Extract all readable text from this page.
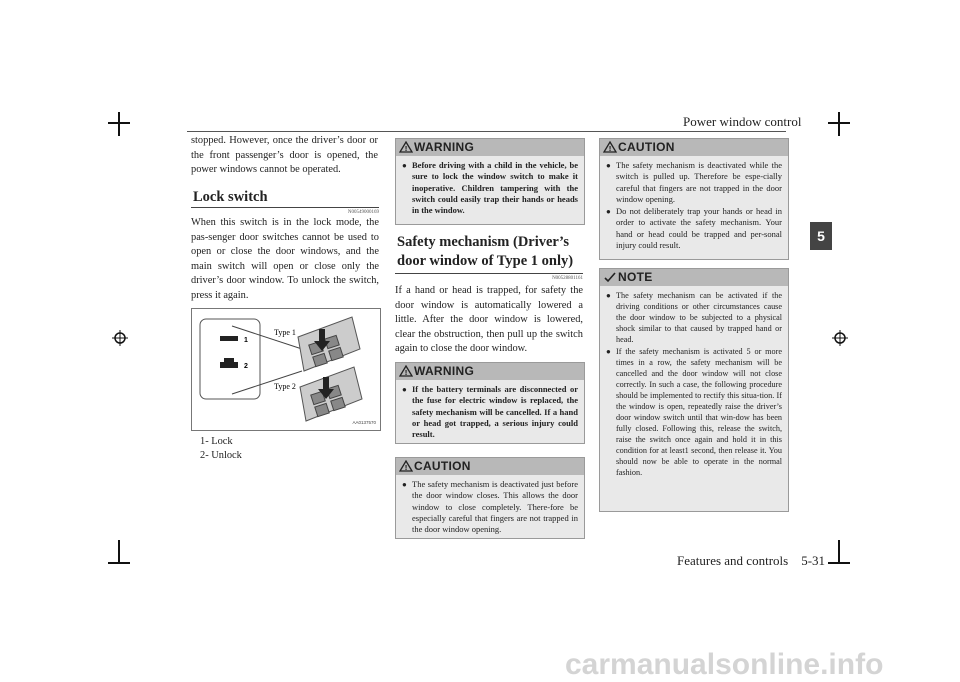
Power window control
Features and controls 5-31
5
stopped. However, once the driver’s door or the front passenger’s door is opened, the power windows cannot be operated.
Lock switch
N00549000169
When this switch is in the lock mode, the pas-senger door switches cannot be used to open or close the door windows, and the main switch will open or close only the driver’s door window. To unlock the switch, press it again.
1
2
Type 1
Type 2
AA0137570
1- Lock
2- Unlock
! WARNING
● Before driving with a child in the vehicle, be sure to lock the window switch to make it inoperative. Children tampering with the switch could easily trap their hands or heads in the window.
Safety mechanism (Driver’s door window of Type 1 only)
N00528801161
If a hand or head is trapped, for safety the door window is automatically lowered a little. After the door window is lowered, clear the obstruction, then pull up the switch again to close the door window.
! WARNING
● If the battery terminals are disconnected or the fuse for electric window is replaced, the safety mechanism will be cancelled. If a hand or head got trapped, a serious injury could result.
! CAUTION
● The safety mechanism is deactivated just before the door window closes. This allows the door window to close completely. There-fore be especially careful that fingers are not trapped in the door window opening.
! CAUTION
● The safety mechanism is deactivated while the switch is pulled up. Therefore be espe-cially careful that fingers are not trapped in the door window opening.
● Do not deliberately trap your hands or head in order to activate the safety mechanism. Your hand or head could be trapped and per-sonal injury could result.
NOTE
● The safety mechanism can be activated if the driving conditions or other circumstances cause the door window to be subjected to a physical shock similar to that caused by trapped hand or head.
● If the safety mechanism is activated 5 or more times in a row, the safety mechanism will be cancelled and the door window will not close correctly. In such a case, the following procedure should be implemented to rectify this situa-tion. If the window is open, repeatedly raise the driver’s door window switch until that win-dow has been fully closed. Following this, release the switch, raise the switch once again and hold it in this condition for at least1 second, then release it. You should now be able to operate in the normal fashion.
carmanualsonline.info
